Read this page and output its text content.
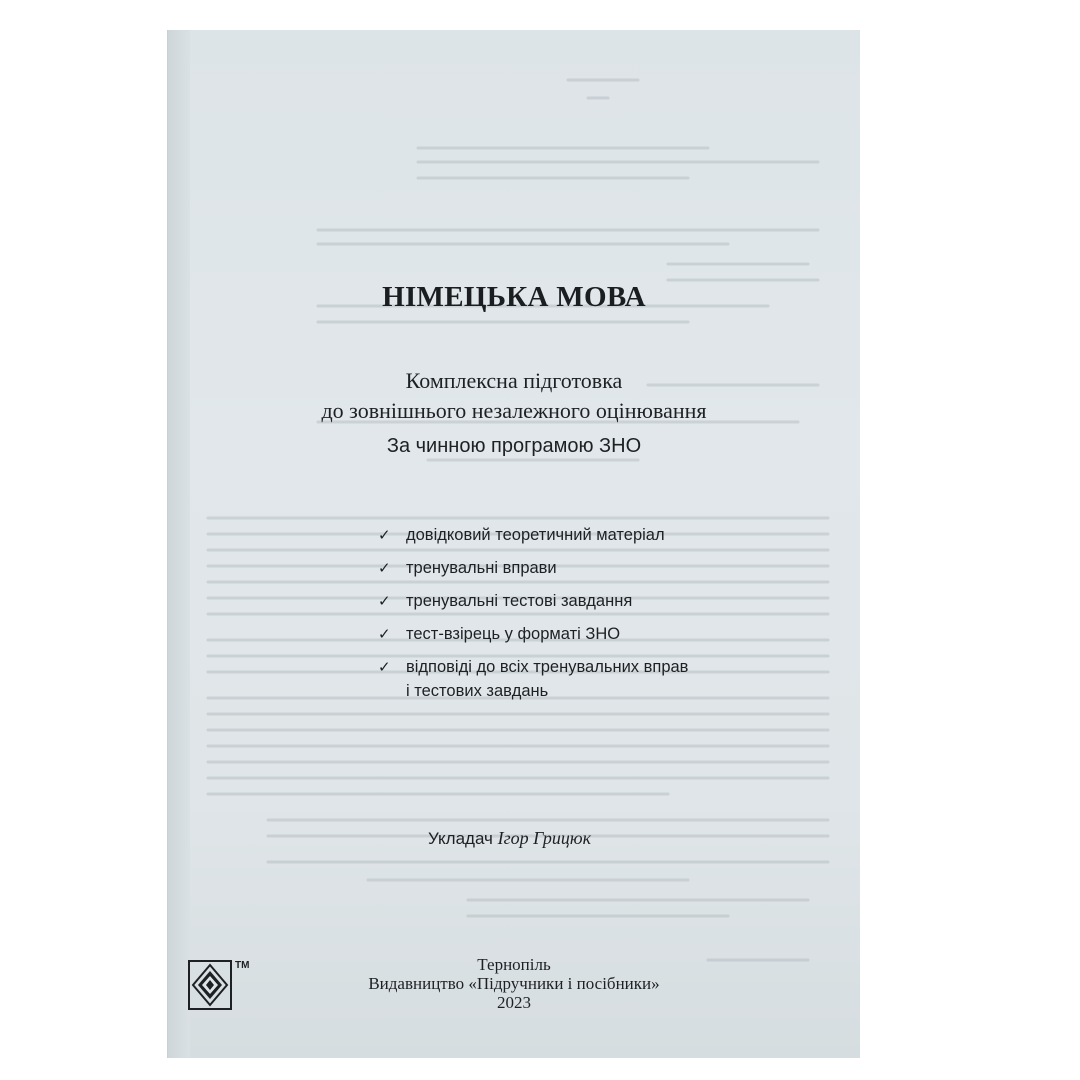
НІМЕЦЬКА МОВА
Комплексна підготовка
до зовнішнього незалежного оцінювання
За чинною програмою ЗНО
✓ довідковий теоретичний матеріал
✓ тренувальні вправи
✓ тренувальні тестові завдання
✓ тест-взірець у форматі ЗНО
✓ відповіді до всіх тренувальних вправ
і тестових завдань
Укладач Ігор Грицюк
TM	Тернопіль
Видавництво «Підручники і посібники»
2023
